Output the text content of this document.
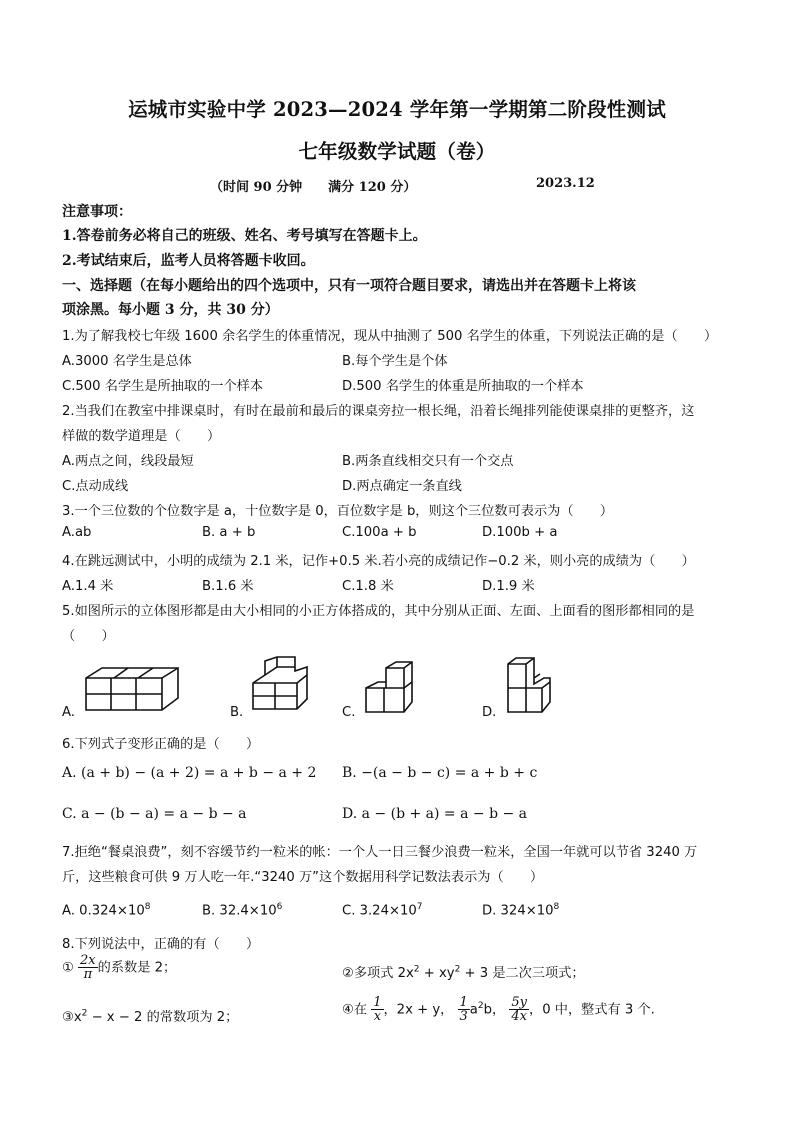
运城市实验中学 2023—2024 学年第一学期第二阶段性测试
七年级数学试题（卷）
（时间 90 分钟　　满分 120 分）	2023.12
注意事项：
1.答卷前务必将自己的班级、姓名、考号填写在答题卡上。
2.考试结束后，监考人员将答题卡收回。
一、选择题（在每小题给出的四个选项中，只有一项符合题目要求，请选出并在答题卡上将该
项涂黑。每小题 3 分，共 30 分）
1.为了解我校七年级 1600 余名学生的体重情况，现从中抽测了 500 名学生的体重，下列说法正确的是（　　）
A.3000 名学生是总体	B.每个学生是个体
C.500 名学生是所抽取的一个样本	D.500 名学生的体重是所抽取的一个样本
2.当我们在教室中排课桌时，有时在最前和最后的课桌旁拉一根长绳，沿着长绳排列能使课桌排的更整齐，这
样做的数学道理是（　　）
A.两点之间，线段最短	B.两条直线相交只有一个交点
C.点动成线	D.两点确定一条直线
3.一个三位数的个位数字是 a，十位数字是 0，百位数字是 b，则这个三位数可表示为（　　）
A.ab	B. a + b	C.100a + b	D.100b + a
4.在跳远测试中，小明的成绩为 2.1 米，记作+0.5 米.若小亮的成绩记作−0.2 米，则小亮的成绩为（　　）
A.1.4 米	B.1.6 米	C.1.8 米	D.1.9 米
5.如图所示的立体图形都是由大小相同的小正方体搭成的，其中分别从正面、左面、上面看的图形都相同的是
（　　）
A.	B.	C.	D.
6.下列式子变形正确的是（　　）
A. (a + b) − (a + 2) = a + b − a + 2 B. −(a − b − c) = a + b + c
C. a − (b − a) = a − b − a	D. a − (b + a) = a − b − a
7.拒绝“餐桌浪费”，刻不容缓节约一粒米的帐：一个人一日三餐少浪费一粒米，全国一年就可以节省 3240 万
斤，这些粮食可供 9 万人吃一年.“3240 万”这个数据用科学记数法表示为（　　）
A. $0.324\times 10^8$	B. $32.4\times 10^6$	C. $3.24\times 10^7$	D. $324\times 10^8$
8.下列说法中，正确的有（　　）
① $\frac{2x}{\pi}$ 的系数是 2；	②多项式 $2x^2 + xy^2 + 3$ 是二次三项式；
$③x^2 - x - 2$ 的常数项为 2；	④在 $\frac{1}{x}$ ，2x + y， $\frac{1}{3} a^2b$， $\frac{5y}{4x}$ ，0 中，整式有 3 个.
